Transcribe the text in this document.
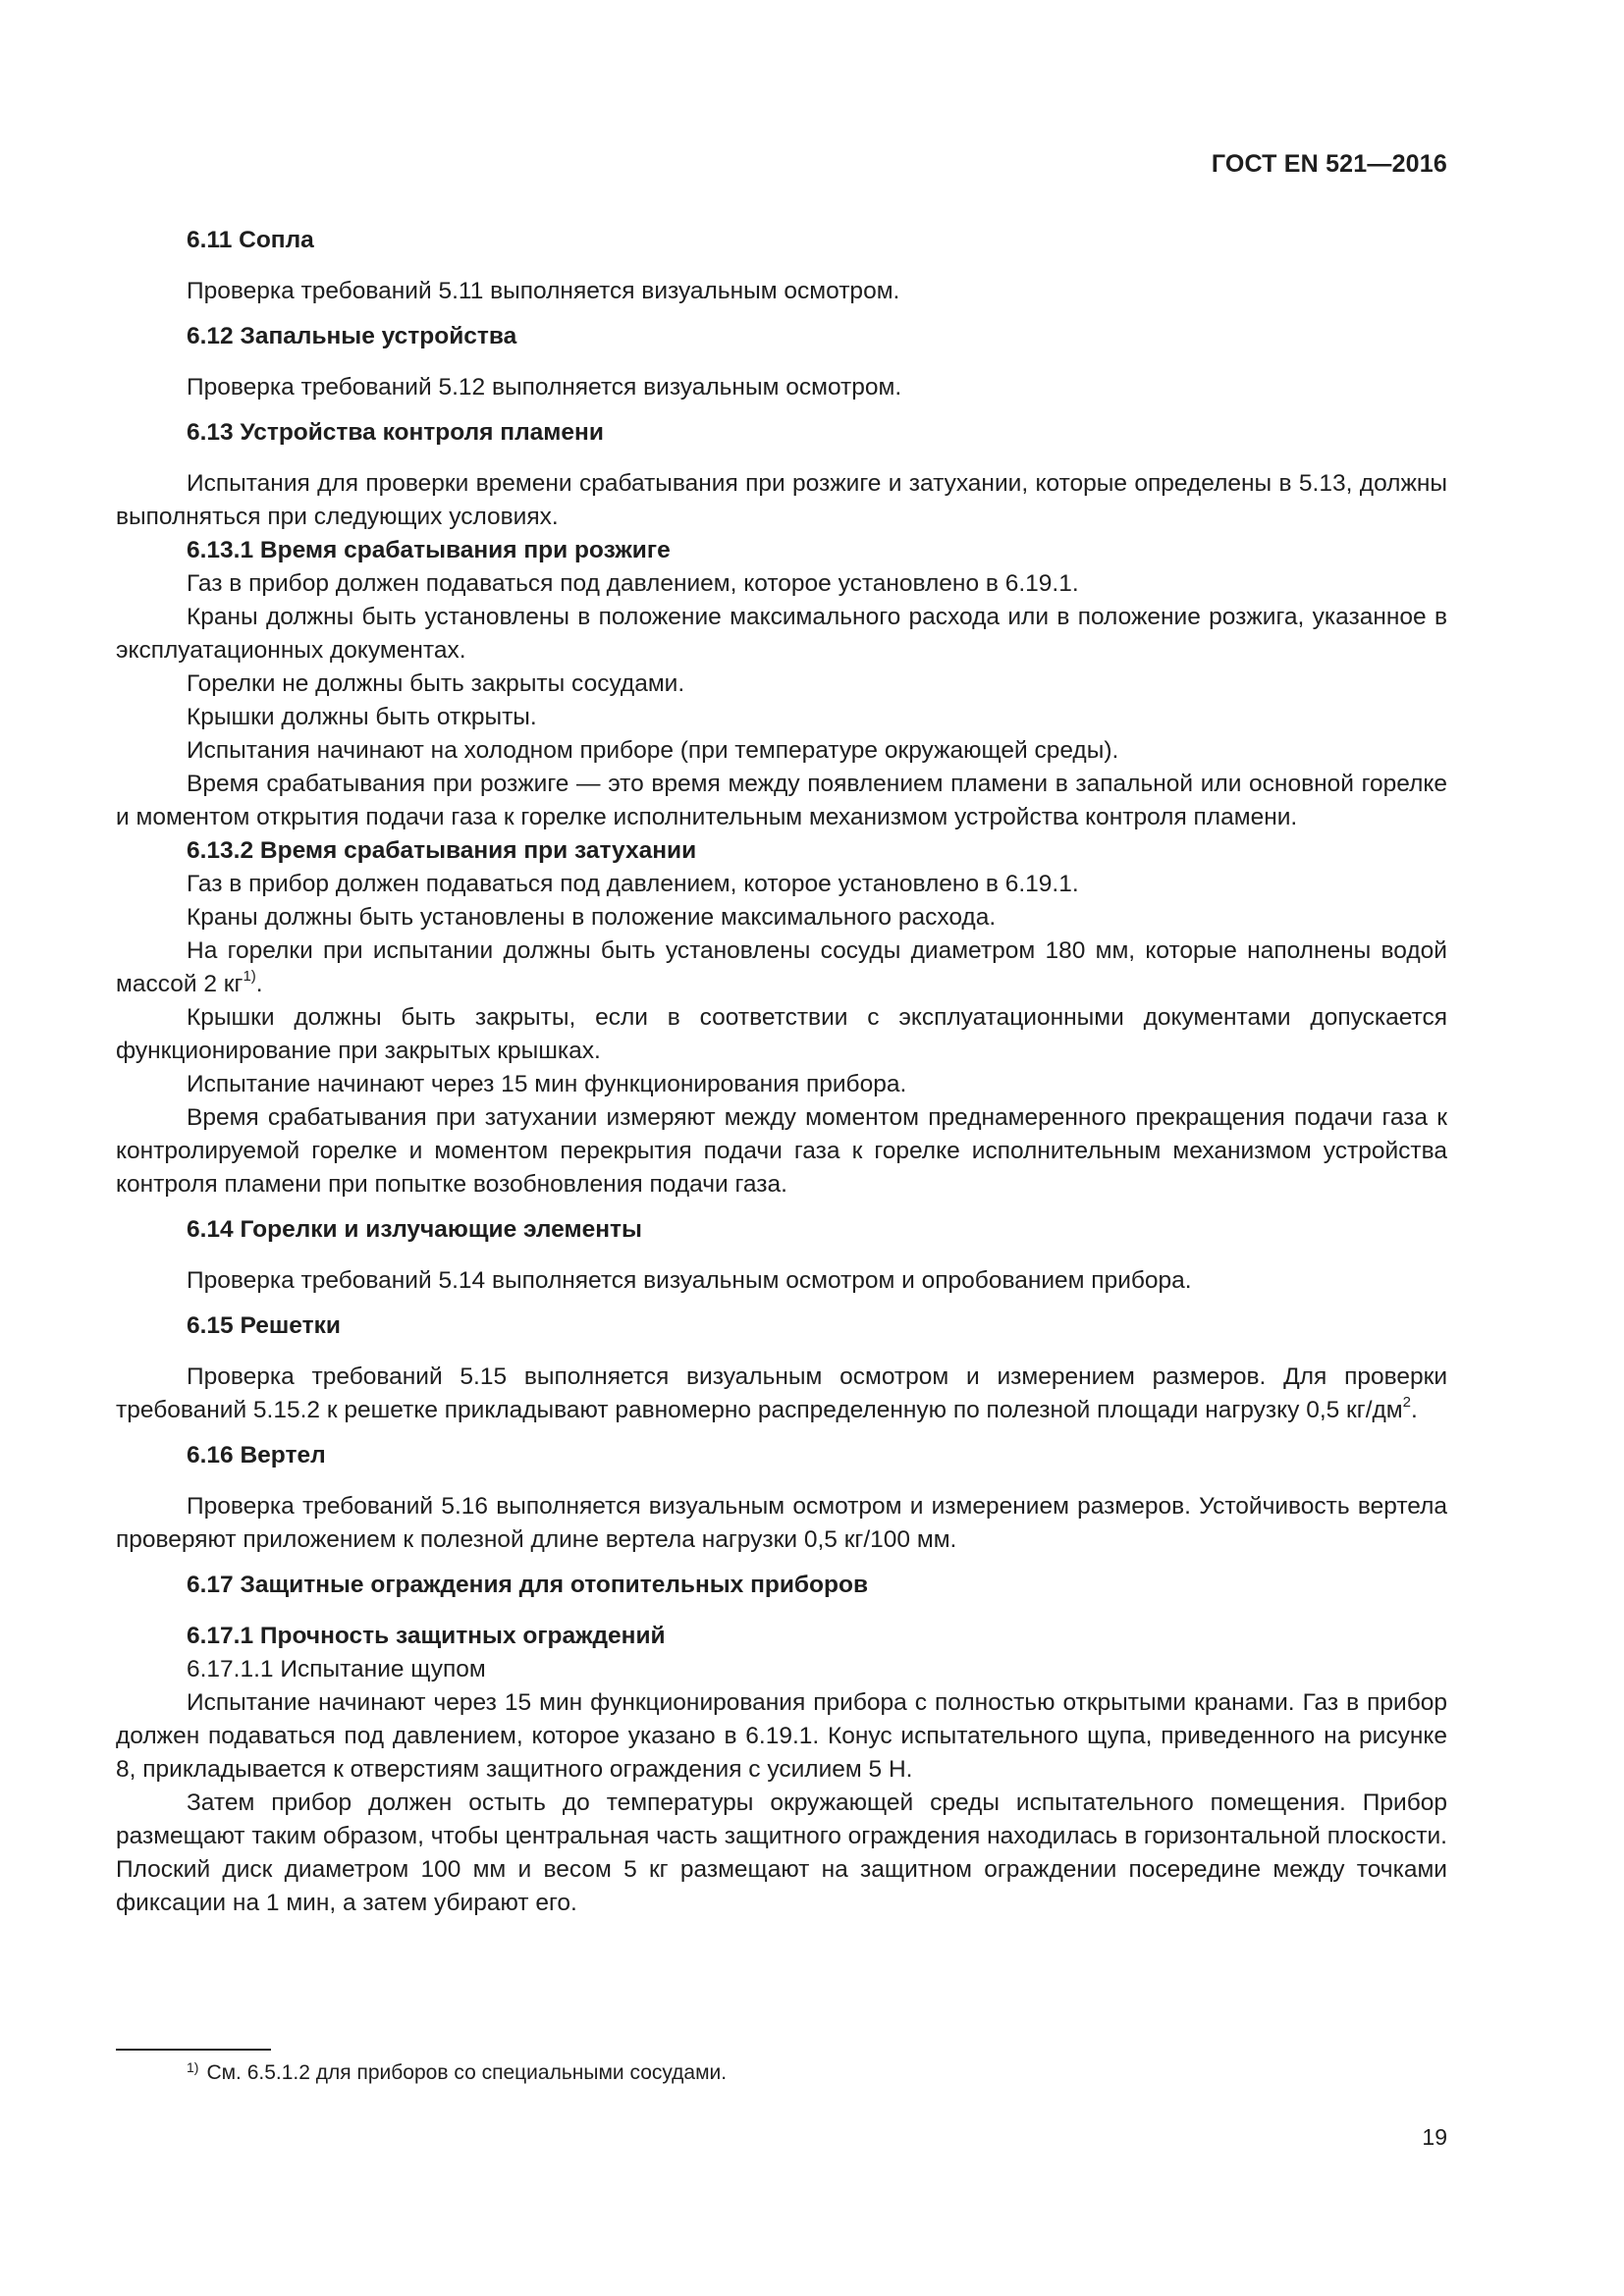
ГОСТ EN 521—2016
6.11 Сопла
Проверка требований 5.11 выполняется визуальным осмотром.
6.12 Запальные устройства
Проверка требований 5.12 выполняется визуальным осмотром.
6.13 Устройства контроля пламени
Испытания для проверки времени срабатывания при розжиге и затухании, которые определены в 5.13, должны выполняться при следующих условиях.
6.13.1 Время срабатывания при розжиге
Газ в прибор должен подаваться под давлением, которое установлено в 6.19.1.
Краны должны быть установлены в положение максимального расхода или в положение розжига, указанное в эксплуатационных документах.
Горелки не должны быть закрыты сосудами.
Крышки должны быть открыты.
Испытания начинают на холодном приборе (при температуре окружающей среды).
Время срабатывания при розжиге — это время между появлением пламени в запальной или основной горелке и моментом открытия подачи газа к горелке исполнительным механизмом устройства контроля пламени.
6.13.2 Время срабатывания при затухании
Газ в прибор должен подаваться под давлением, которое установлено в 6.19.1.
Краны должны быть установлены в положение максимального расхода.
На горелки при испытании должны быть установлены сосуды диаметром 180 мм, которые наполнены водой массой 2 $кг^{1)}$.
Крышки должны быть закрыты, если в соответствии с эксплуатационными документами допускается функционирование при закрытых крышках.
Испытание начинают через 15 мин функционирования прибора.
Время срабатывания при затухании измеряют между моментом преднамеренного прекращения подачи газа к контролируемой горелке и моментом перекрытия подачи газа к горелке исполнительным механизмом устройства контроля пламени при попытке возобновления подачи газа.
6.14 Горелки и излучающие элементы
Проверка требований 5.14 выполняется визуальным осмотром и опробованием прибора.
6.15 Решетки
Проверка требований 5.15 выполняется визуальным осмотром и измерением размеров. Для проверки требований 5.15.2 к решетке прикладывают равномерно распределенную по полезной площади нагрузку 0,5 $кг/дм^2$.
6.16 Вертел
Проверка требований 5.16 выполняется визуальным осмотром и измерением размеров. Устойчивость вертела проверяют приложением к полезной длине вертела нагрузки 0,5 кг/100 мм.
6.17 Защитные ограждения для отопительных приборов
6.17.1 Прочность защитных ограждений
6.17.1.1 Испытание щупом
Испытание начинают через 15 мин функционирования прибора с полностью открытыми кранами. Газ в прибор должен подаваться под давлением, которое указано в 6.19.1. Конус испытательного щупа, приведенного на рисунке 8, прикладывается к отверстиям защитного ограждения с усилием 5 Н.
Затем прибор должен остыть до температуры окружающей среды испытательного помещения. Прибор размещают таким образом, чтобы центральная часть защитного ограждения находилась в горизонтальной плоскости. Плоский диск диаметром 100 мм и весом 5 кг размещают на защитном ограждении посередине между точками фиксации на 1 мин, а затем убирают его.
$^{1)}$ См. 6.5.1.2 для приборов со специальными сосудами.
19
